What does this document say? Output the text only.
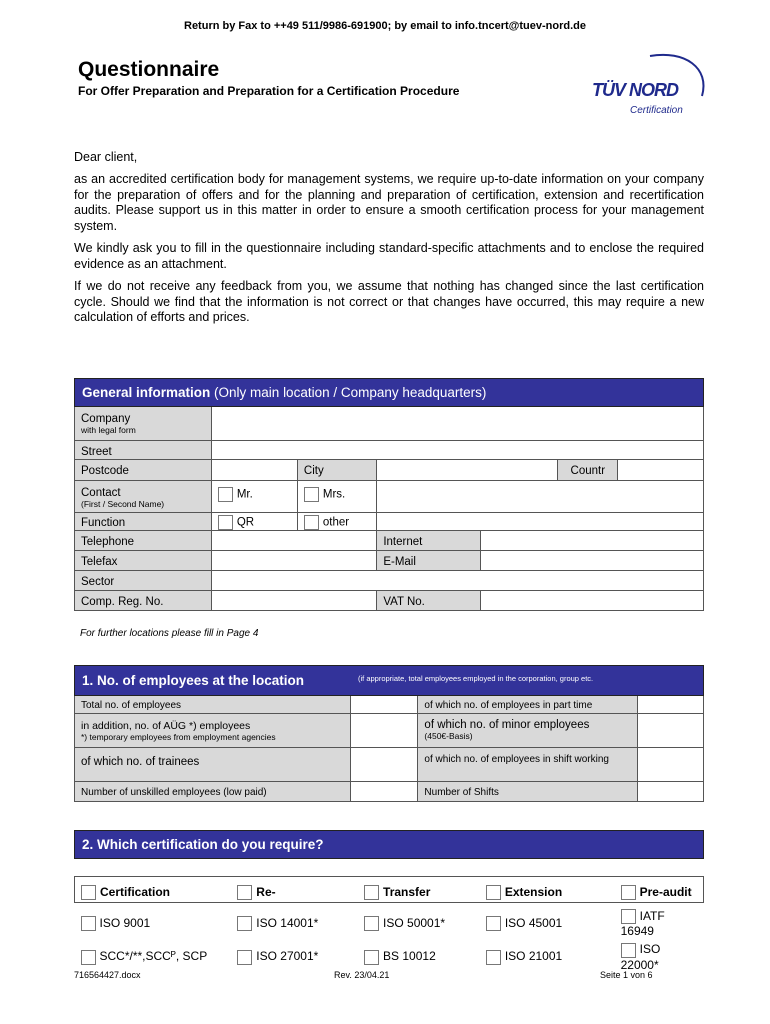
Return by Fax to ++49 511/9986-691900; by email to info.tncert@tuev-nord.de
Questionnaire
For Offer Preparation and Preparation for a Certification Procedure	TÜV NORD
Certification
Dear client,
as an accredited certification body for management systems, we require up-to-date information on your company for the preparation of offers and for the planning and preparation of certification, extension and recertification audits. Please support us in this matter in order to ensure a smooth certification process for your management system.
We kindly ask you to fill in the questionnaire including standard-specific attachments and to enclose the required evidence as an attachment.
If we do not receive any feedback from you, we assume that nothing has changed since the last certification cycle. Should we find that the information is not correct or that changes have occurred, this may require a new calculation of efforts and prices.
General information (Only main location / Company headquarters)					
Company
with legal form					

Street					
Postcode		City			Countr

Contact
(First / Second Name)	Mr.	Mrs.			
Function	QR	other			

Telephone			Internet		
Telefax			E-Mail		
Sector					
Comp. Reg. No.			VAT No.		
For further locations please fill in Page 4
1. No. of employees at the location (if appropriate, total employees employed in the corporation, group etc.			

Total no. of employees		of which no. of employees in part time	
in addition, no. of AÜG *) employees
*) temporary employees from employment agencies		of which no. of minor employees
(450€-Basis)	

of which no. of trainees		of which no. of employees in shift working	
Number of unskilled employees (low paid)		Number of Shifts	
2. Which certification do you require?
Certification	Re-	Transfer	Extension	Pre-audit
ISO 9001	ISO 14001*	ISO 50001*	ISO 45001	IATF 16949
SCC*/**,SCCᴾ, SCP	ISO 27001*	BS 10012	ISO 21001	ISO 22000*
716564427.docx	Rev. 23/04.21	Seite 1 von 6
